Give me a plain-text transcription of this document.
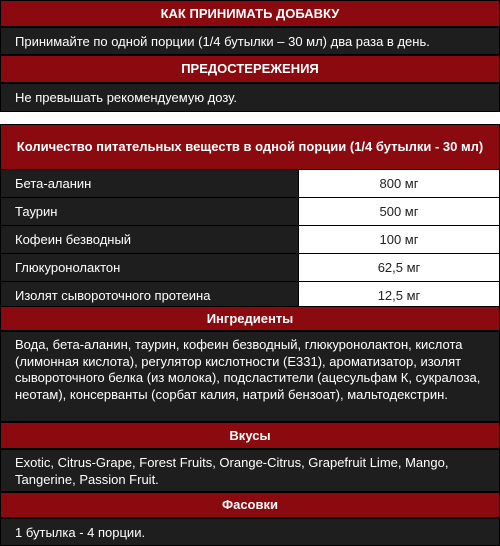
КАК ПРИНИМАТЬ ДОБАВКУ
Принимайте по одной порции (1/4 бутылки – 30 мл) два раза в день.
ПРЕДОСТЕРЕЖЕНИЯ
Не превышать рекомендуемую дозу.
Количество питательных веществ в одной порции (1/4 бутылки - 30 мл)
Бета-аланин	800 мг
Таурин	500 мг
Кофеин безводный	100 мг
Глюкуронолактон	62,5 мг
Изолят сывороточного протеина	12,5 мг
Ингредиенты
Вода, бета-аланин, таурин, кофеин безводный, глюкуронолактон, кислота (лимонная кислота), регулятор кислотности (Е331), ароматизатор, изолят сывороточного белка (из молока), подсластители (ацесульфам К, сукралоза, неотам), консерванты (сорбат калия, натрий бензоат), мальтодекстрин.
Вкусы
Exotic, Citrus-Grape, Forest Fruits, Orange-Citrus, Grapefruit Lime, Mango, Tangerine, Passion Fruit.
Фасовки
1 бутылка - 4 порции.
